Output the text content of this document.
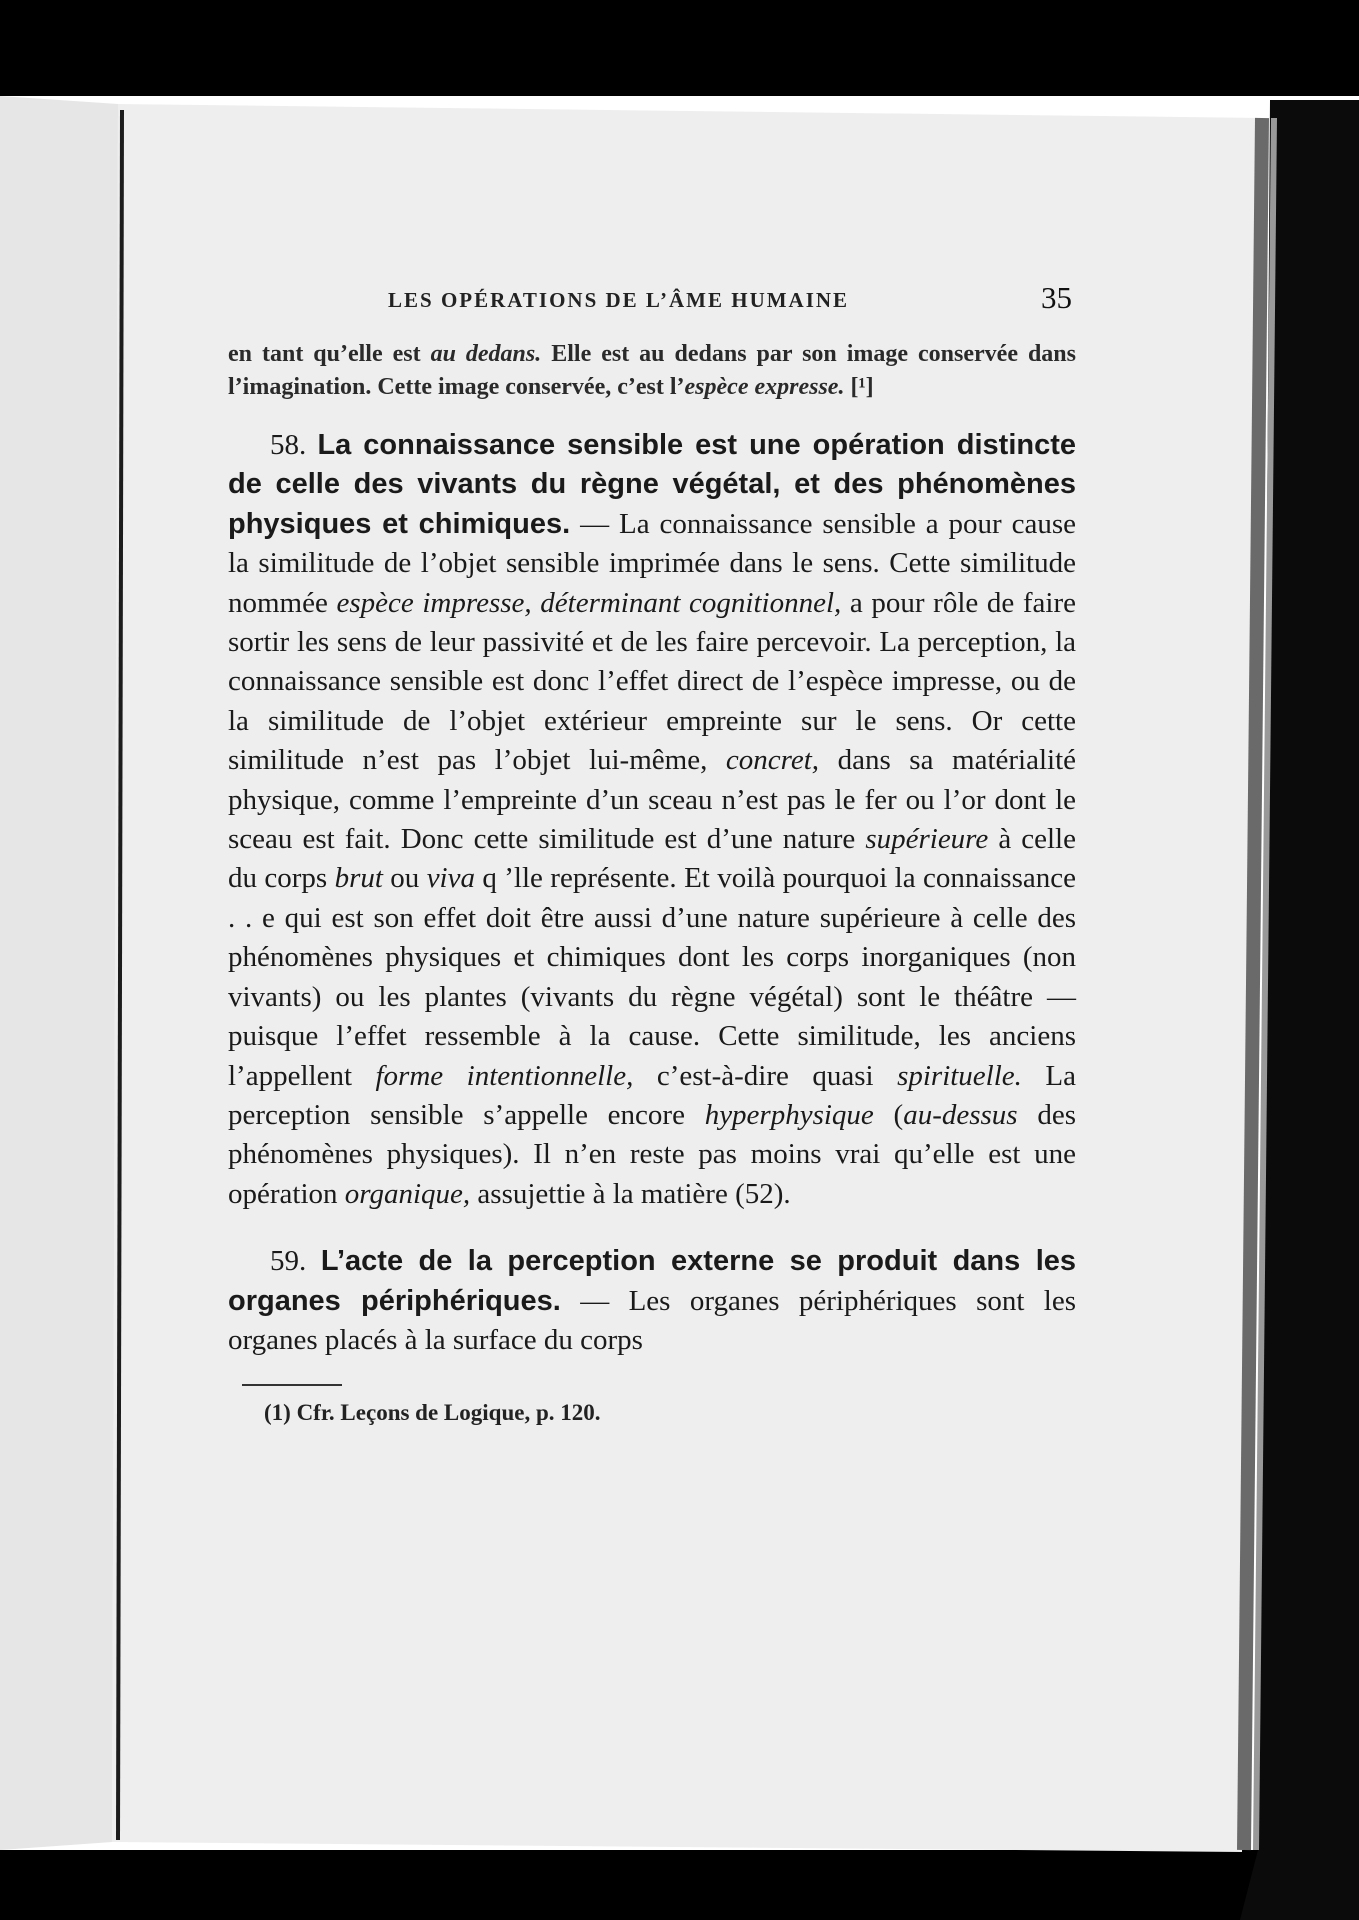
LES OPÉRATIONS DE L’ÂME HUMAINE	35

en tant qu’elle est au dedans. Elle est au dedans par son image conservée dans l’imagination. Cette image conservée, c’est l’espèce expresse. [¹]

58. La connaissance sensible est une opération distincte de celle des vivants du règne végétal, et des phénomènes physiques et chimiques. — La connaissance sensible a pour cause la similitude de l’objet sensible imprimée dans le sens. Cette similitude nommée espèce impresse, déterminant cognitionnel, a pour rôle de faire sortir les sens de leur passivité et de les faire percevoir. La perception, la connaissance sensible est donc l’effet direct de l’espèce impresse, ou de la similitude de l’objet extérieur empreinte sur le sens. Or cette similitude n’est pas l’objet lui-même, concret, dans sa matérialité physique, comme l’empreinte d’un sceau n’est pas le fer ou l’or dont le sceau est fait. Donc cette similitude est d’une nature supérieure à celle du corps brut ou viva q ’lle représente. Et voilà pourquoi la connaissance . . e qui est son effet doit être aussi d’une nature supérieure à celle des phénomènes physiques et chimiques dont les corps inorganiques (non vivants) ou les plantes (vivants du règne végétal) sont le théâtre — puisque l’effet ressemble à la cause. Cette similitude, les anciens l’appellent forme intentionnelle, c’est-à-dire quasi spirituelle. La perception sensible s’appelle encore hyperphysique (au-dessus des phénomènes physiques). Il n’en reste pas moins vrai qu’elle est une opération organique, assujettie à la matière (52).

59. L’acte de la perception externe se produit dans les organes périphériques. — Les organes périphériques sont les organes placés à la surface du corps

(1) Cfr. Leçons de Logique, p. 120.
